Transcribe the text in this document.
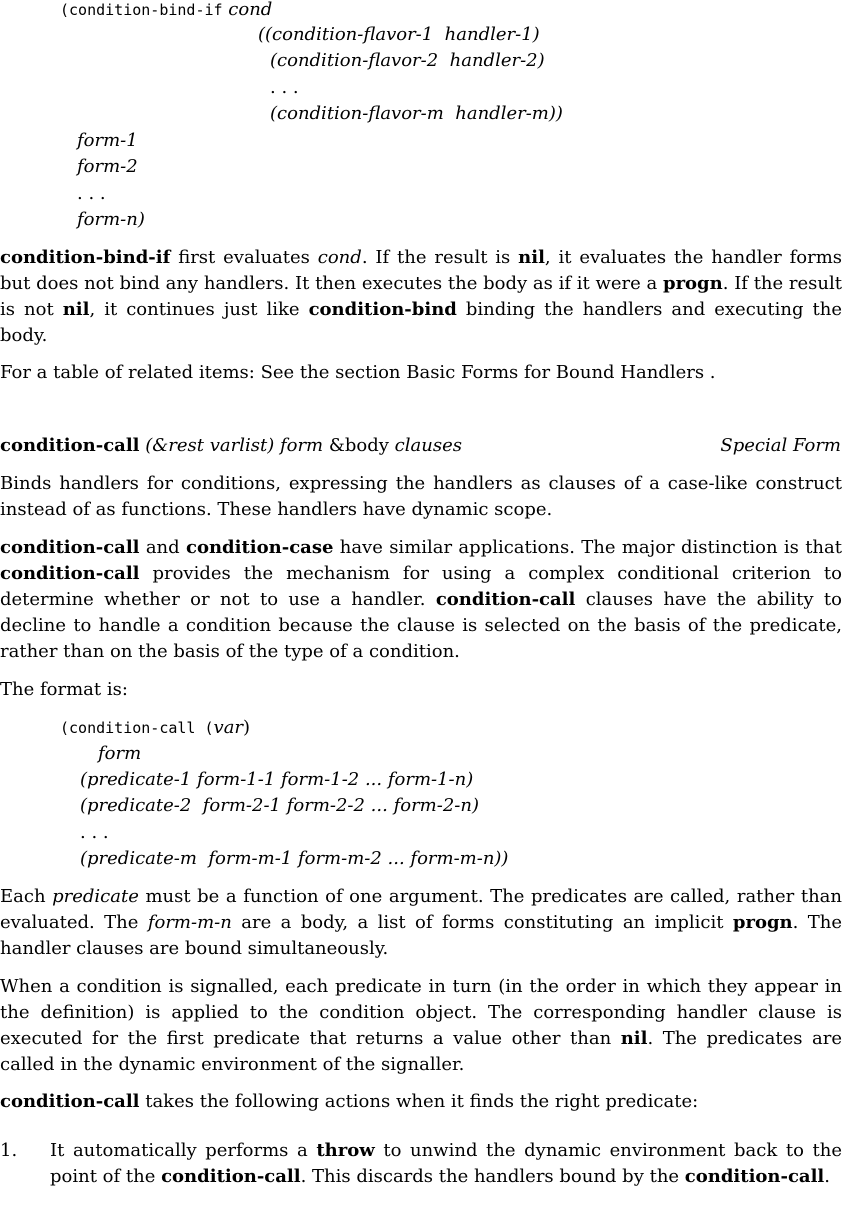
(condition-bind-if cond
((condition-flavor-1  handler-1)
(condition-flavor-2  handler-2)
. . .
(condition-flavor-m  handler-m))
form-1
form-2
. . .
form-n)
condition-bind-if first evaluates cond. If the result is nil, it evaluates the handler forms but does not bind any handlers. It then executes the body as if it were a progn. If the result is not nil, it continues just like condition-bind binding the handlers and executing the body.
For a table of related items: See the section Basic Forms for Bound Handlers .
condition-call (&rest varlist) form &body clauses	Special Form
Binds handlers for conditions, expressing the handlers as clauses of a case-like construct instead of as functions. These handlers have dynamic scope.
condition-call and condition-case have similar applications. The major distinction is that condition-call provides the mechanism for using a complex conditional criterion to determine whether or not to use a handler. condition-call clauses have the ability to decline to handle a condition because the clause is selected on the basis of the predicate, rather than on the basis of the type of a condition.
The format is:
(condition-call (var)
form
(predicate-1 form-1-1 form-1-2 ... form-1-n)
(predicate-2  form-2-1 form-2-2 ... form-2-n)
. . .
(predicate-m  form-m-1 form-m-2 ... form-m-n))
Each predicate must be a function of one argument. The predicates are called, rather than evaluated. The form-m-n are a body, a list of forms constituting an implicit progn. The handler clauses are bound simultaneously.
When a condition is signalled, each predicate in turn (in the order in which they appear in the definition) is applied to the condition object. The corresponding handler clause is executed for the first predicate that returns a value other than nil. The predicates are called in the dynamic environment of the signaller.
condition-call takes the following actions when it finds the right predicate:
1. It automatically performs a throw to unwind the dynamic environment back to the point of the condition-call. This discards the handlers bound by the condition-call.
